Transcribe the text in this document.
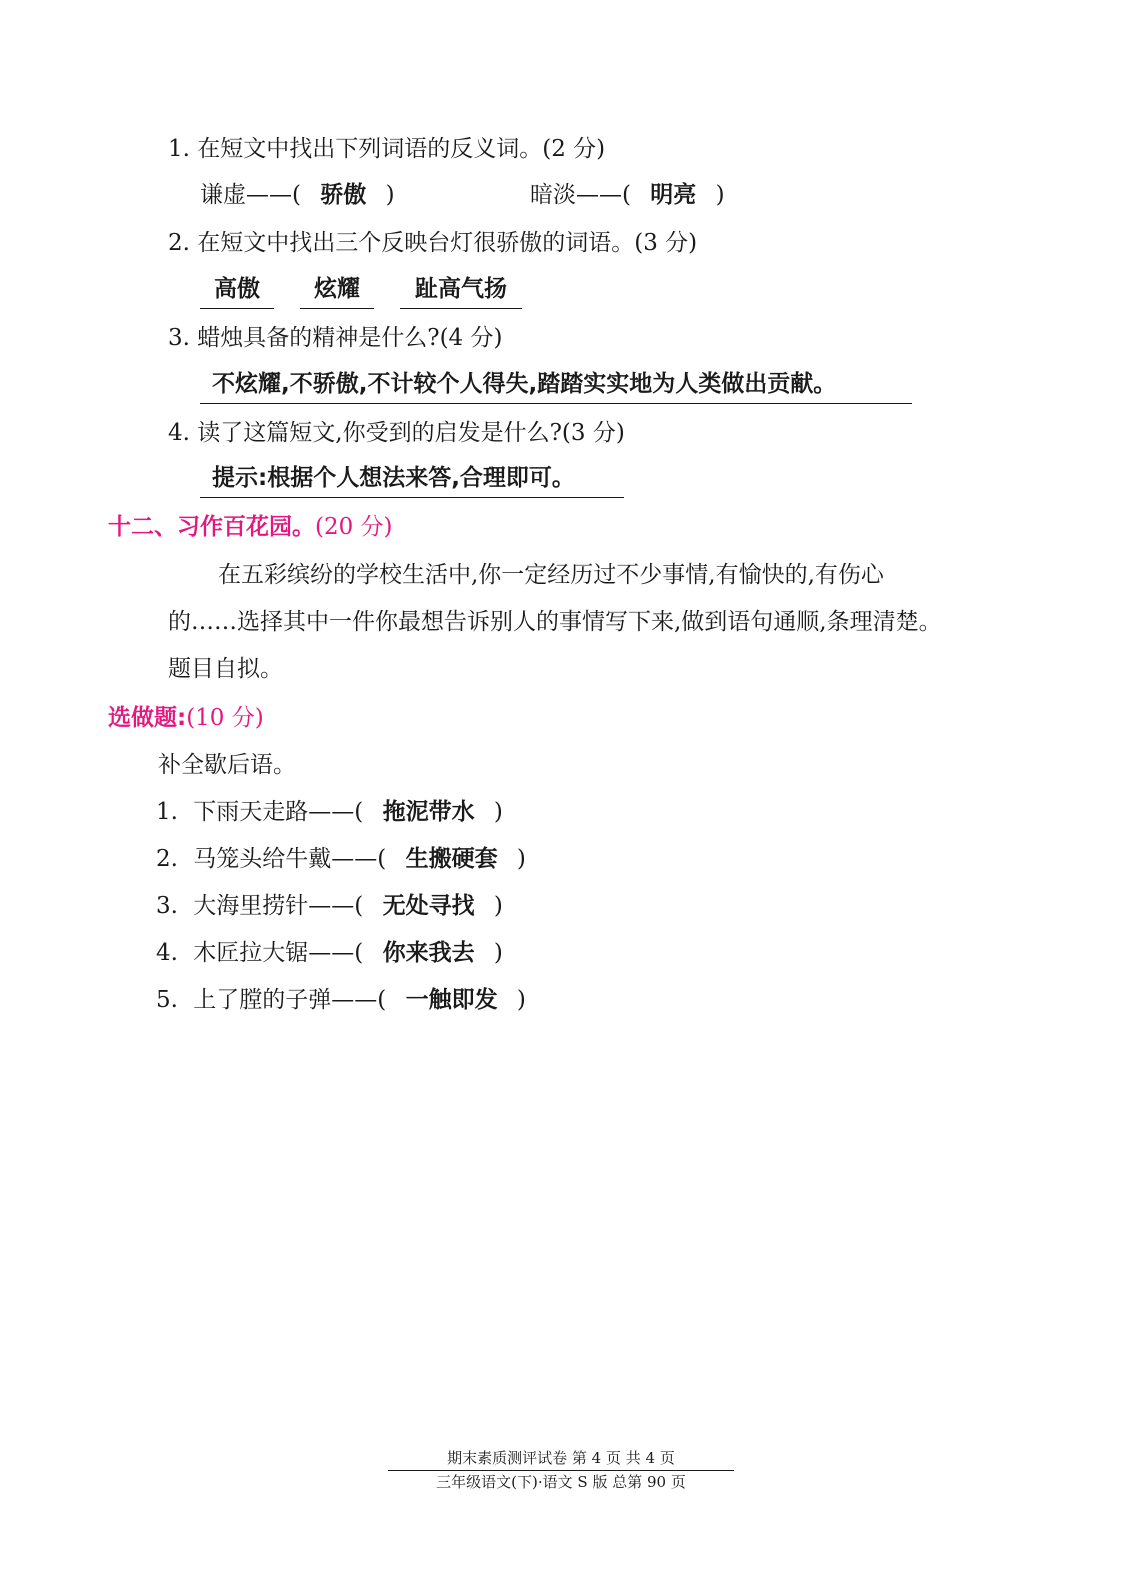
1. 在短文中找出下列词语的反义词。(2 分)
谦虚——( 骄傲 )	暗淡——( 明亮 )
2. 在短文中找出三个反映台灯很骄傲的词语。(3 分)
高傲	炫耀	趾高气扬
3. 蜡烛具备的精神是什么?(4 分)
不炫耀,不骄傲,不计较个人得失,踏踏实实地为人类做出贡献。
4. 读了这篇短文,你受到的启发是什么?(3 分)
提示:根据个人想法来答,合理即可。
十二、习作百花园。(20 分)
在五彩缤纷的学校生活中,你一定经历过不少事情,有愉快的,有伤心
的……选择其中一件你最想告诉别人的事情写下来,做到语句通顺,条理清楚。
题目自拟。
选做题:(10 分)
补全歇后语。
1. 下雨天走路——( 拖泥带水 )
2. 马笼头给牛戴——( 生搬硬套 )
3. 大海里捞针——( 无处寻找 )
4. 木匠拉大锯——( 你来我去 )
5. 上了膛的子弹——( 一触即发 )
期末素质测评试卷 第 4 页 共 4 页
三年级语文(下)·语文 S 版 总第 90 页
